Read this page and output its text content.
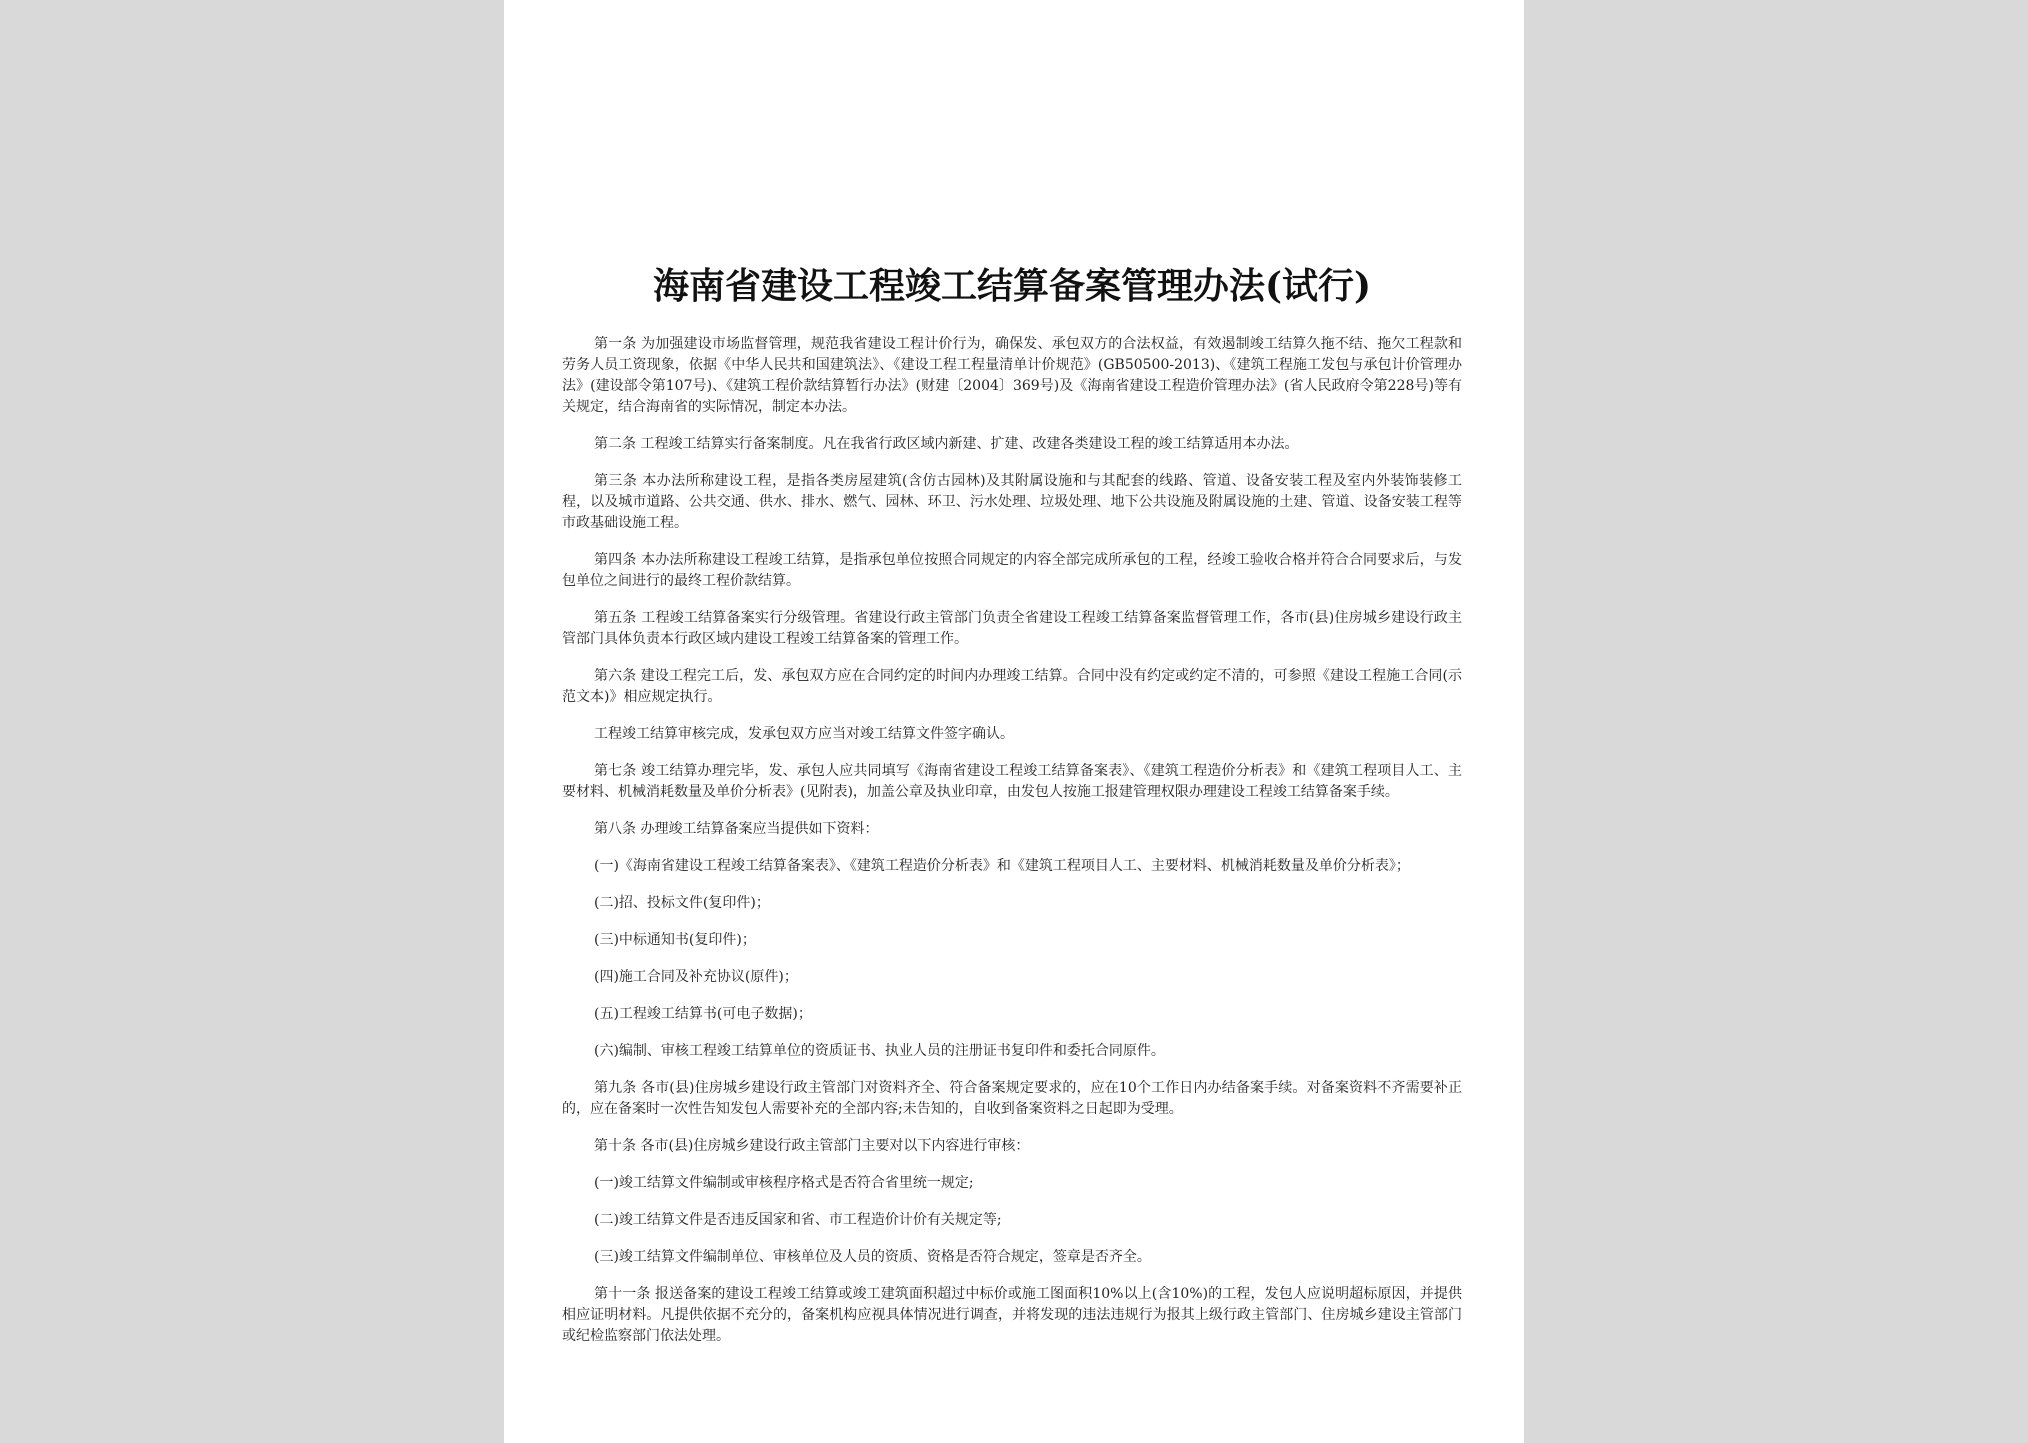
海南省建设工程竣工结算备案管理办法(试行)

第一条 为加强建设市场监督管理，规范我省建设工程计价行为，确保发、承包双方的合法权益，有效遏制竣工结算久拖不结、拖欠工程款和劳务人员工资现象，依据《中华人民共和国建筑法》、《建设工程工程量清单计价规范》(GB50500-2013)、《建筑工程施工发包与承包计价管理办法》(建设部令第107号)、《建筑工程价款结算暂行办法》(财建〔2004〕369号)及《海南省建设工程造价管理办法》(省人民政府令第228号)等有关规定，结合海南省的实际情况，制定本办法。

第二条 工程竣工结算实行备案制度。凡在我省行政区域内新建、扩建、改建各类建设工程的竣工结算适用本办法。

第三条 本办法所称建设工程，是指各类房屋建筑(含仿古园林)及其附属设施和与其配套的线路、管道、设备安装工程及室内外装饰装修工程，以及城市道路、公共交通、供水、排水、燃气、园林、环卫、污水处理、垃圾处理、地下公共设施及附属设施的土建、管道、设备安装工程等市政基础设施工程。

第四条 本办法所称建设工程竣工结算，是指承包单位按照合同规定的内容全部完成所承包的工程，经竣工验收合格并符合合同要求后，与发包单位之间进行的最终工程价款结算。

第五条 工程竣工结算备案实行分级管理。省建设行政主管部门负责全省建设工程竣工结算备案监督管理工作，各市(县)住房城乡建设行政主管部门具体负责本行政区域内建设工程竣工结算备案的管理工作。

第六条 建设工程完工后，发、承包双方应在合同约定的时间内办理竣工结算。合同中没有约定或约定不清的，可参照《建设工程施工合同(示范文本)》相应规定执行。

工程竣工结算审核完成，发承包双方应当对竣工结算文件签字确认。

第七条 竣工结算办理完毕，发、承包人应共同填写《海南省建设工程竣工结算备案表》、《建筑工程造价分析表》和《建筑工程项目人工、主要材料、机械消耗数量及单价分析表》(见附表)，加盖公章及执业印章，由发包人按施工报建管理权限办理建设工程竣工结算备案手续。

第八条 办理竣工结算备案应当提供如下资料：

(一)《海南省建设工程竣工结算备案表》、《建筑工程造价分析表》和《建筑工程项目人工、主要材料、机械消耗数量及单价分析表》；

(二)招、投标文件(复印件)；

(三)中标通知书(复印件)；

(四)施工合同及补充协议(原件)；

(五)工程竣工结算书(可电子数据)；

(六)编制、审核工程竣工结算单位的资质证书、执业人员的注册证书复印件和委托合同原件。

第九条 各市(县)住房城乡建设行政主管部门对资料齐全、符合备案规定要求的，应在10个工作日内办结备案手续。对备案资料不齐需要补正的，应在备案时一次性告知发包人需要补充的全部内容;未告知的，自收到备案资料之日起即为受理。

第十条 各市(县)住房城乡建设行政主管部门主要对以下内容进行审核：

(一)竣工结算文件编制或审核程序格式是否符合省里统一规定;

(二)竣工结算文件是否违反国家和省、市工程造价计价有关规定等;

(三)竣工结算文件编制单位、审核单位及人员的资质、资格是否符合规定，签章是否齐全。

第十一条 报送备案的建设工程竣工结算或竣工建筑面积超过中标价或施工图面积10%以上(含10%)的工程，发包人应说明超标原因，并提供相应证明材料。凡提供依据不充分的，备案机构应视具体情况进行调查，并将发现的违法违规行为报其上级行政主管部门、住房城乡建设主管部门或纪检监察部门依法处理。
